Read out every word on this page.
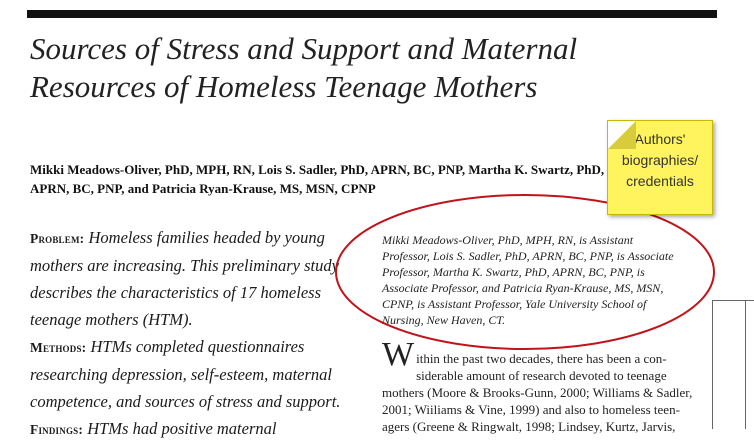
Sources of Stress and Support and Maternal
Resources of Homeless Teenage Mothers
Mikki Meadows-Oliver, PhD, MPH, RN, Lois S. Sadler, PhD, APRN, BC, PNP, Martha K. Swartz, PhD,
APRN, BC, PNP, and Patricia Ryan-Krause, MS, MSN, CPNP
Problem: Homeless families headed by young
mothers are increasing. This preliminary study
describes the characteristics of 17 homeless
teenage mothers (HTM).
Methods: HTMs completed questionnaires
researching depression, self-esteem, maternal
competence, and sources of stress and support.
Findings: HTMs had positive maternal
Mikki Meadows-Oliver, PhD, MPH, RN, is Assistant
Professor, Lois S. Sadler, PhD, APRN, BC, PNP, is Associate
Professor, Martha K. Swartz, PhD, APRN, BC, PNP, is
Associate Professor, and Patricia Ryan-Krause, MS, MSN,
CPNP, is Assistant Professor, Yale University School of
Nursing, New Haven, CT.
W ithin the past two decades, there has been a con-
siderable amount of research devoted to teenage
mothers (Moore & Brooks-Gunn, 2000; Williams & Sadler,
2001; Wiiliams & Vine, 1999) and also to homeless teen-
agers (Greene & Ringwalt, 1998; Lindsey, Kurtz, Jarvis,
Authors'
biographies/
credentials
